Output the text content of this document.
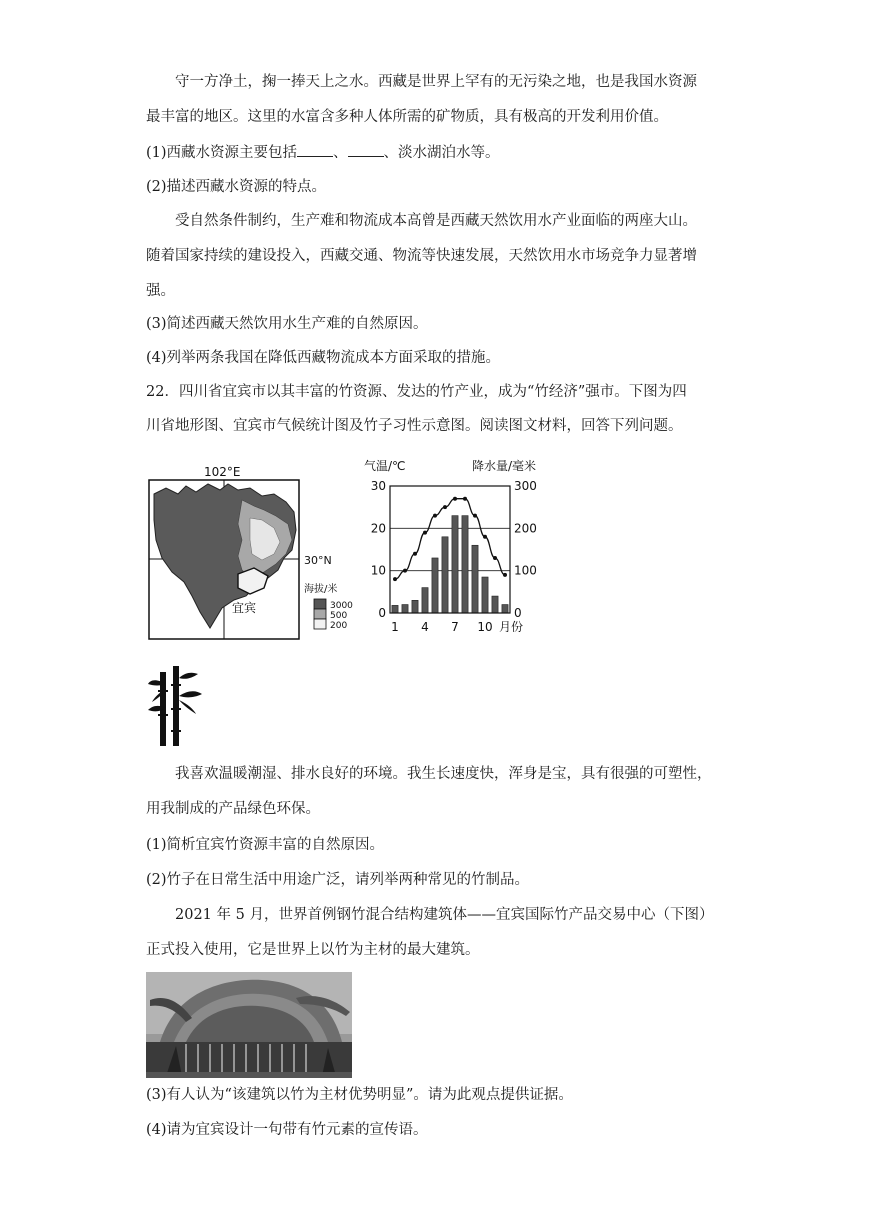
守一方净土，掬一捧天上之水。西藏是世界上罕有的无污染之地，也是我国水资源
最丰富的地区。这里的水富含多种人体所需的矿物质，具有极高的开发利用价值。
(1)西藏水资源主要包括 、 、淡水湖泊水等。
(2)描述西藏水资源的特点。
受自然条件制约，生产难和物流成本高曾是西藏天然饮用水产业面临的两座大山。
随着国家持续的建设投入，西藏交通、物流等快速发展，天然饮用水市场竞争力显著增
强。
(3)简述西藏天然饮用水生产难的自然原因。
(4)列举两条我国在降低西藏物流成本方面采取的措施。
22．四川省宜宾市以其丰富的竹资源、发达的竹产业，成为“竹经济”强市。下图为四
川省地形图、宜宾市气候统计图及竹子习性示意图。阅读图文材料，回答下列问题。
102°E
宜宾
30°N
海拔/米
3000
500
200
气温/℃	降水量/毫米
0
10
20
30
0
100
200
300
1 4 7 10 月份
我喜欢温暖潮湿、排水良好的环境。我生长速度快，浑身是宝，具有很强的可塑性，
用我制成的产品绿色环保。
(1)简析宜宾竹资源丰富的自然原因。
(2)竹子在日常生活中用途广泛，请列举两种常见的竹制品。
2021 年 5 月，世界首例钢竹混合结构建筑体——宜宾国际竹产品交易中心（下图）
正式投入使用，它是世界上以竹为主材的最大建筑。
(3)有人认为“该建筑以竹为主材优势明显”。请为此观点提供证据。
(4)请为宜宾设计一句带有竹元素的宣传语。
